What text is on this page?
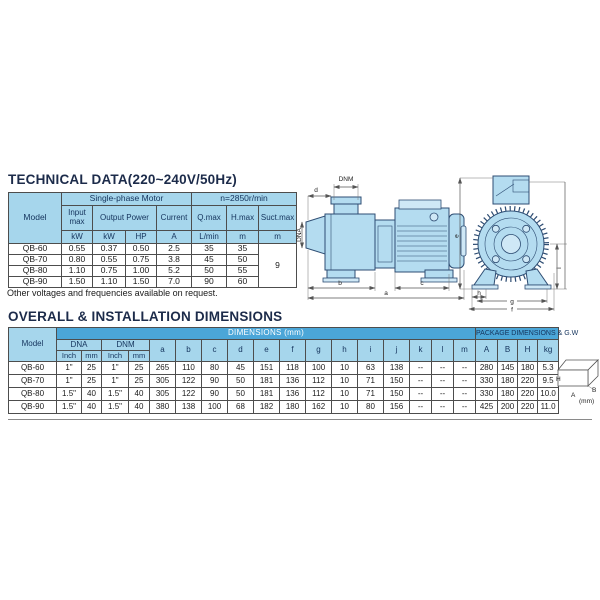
TECHNICAL DATA(220~240V/50Hz)
Model	Single-phase Motor				n=2850r/min		
	Input max	Output Power		Current	Q.max	H.max	Suct.max
	kW	kW	HP	A	L/min	m	m
QB-60	0.55	0.37	0.50	2.5	35	35	9
QB-70	0.80	0.55	0.75	3.8	45	50	
QB-80	1.10	0.75	1.00	5.2	50	55	
QB-90	1.50	1.10	1.50	7.0	90	60	
Other voltages and frequencies available on request.
DNM
d
DNA
b	c
a
e
i
h
g
f
OVERALL & INSTALLATION DIMENSIONS
Model	DIMENSIONS (mm)																	PACKAGE DIMENSIONS & G.W			
	DNA		DNM		a	b	c	d	e	f	g	h	i	j	k	l	m	A	B	H	kg
	Inch	mm	Inch	mm																	
QB-60	1"	25	1"	25	265	110	80	45	151	118	100	10	63	138	--	--	--	280	145	180	5.3
QB-70	1"	25	1"	25	305	122	90	50	181	136	112	10	71	150	--	--	--	330	180	220	9.5
QB-80	1.5"	40	1.5"	40	305	122	90	50	181	136	112	10	71	150	--	--	--	330	180	220	10.0
QB-90	1.5"	40	1.5"	40	380	138	100	68	182	180	162	10	80	156	--	--	--	425	200	220	11.0
H
B
A
(mm)
